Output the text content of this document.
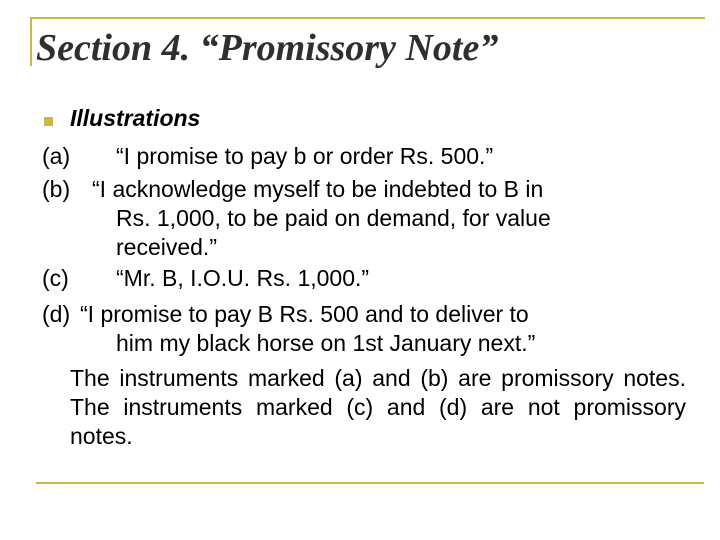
Section 4. “Promissory Note”
Illustrations
(a) “I promise to pay b or order Rs. 500.”
(b) “I acknowledge myself to be indebted to B in
Rs. 1,000, to be paid on demand, for value
received.”
(c) “Mr. B, I.O.U. Rs. 1,000.”
(d) “I promise to pay B Rs. 500 and to deliver to
him my black horse on 1st January next.”

The instruments marked (a) and (b) are promissory notes. The instruments marked (c) and (d) are not promissory notes.
